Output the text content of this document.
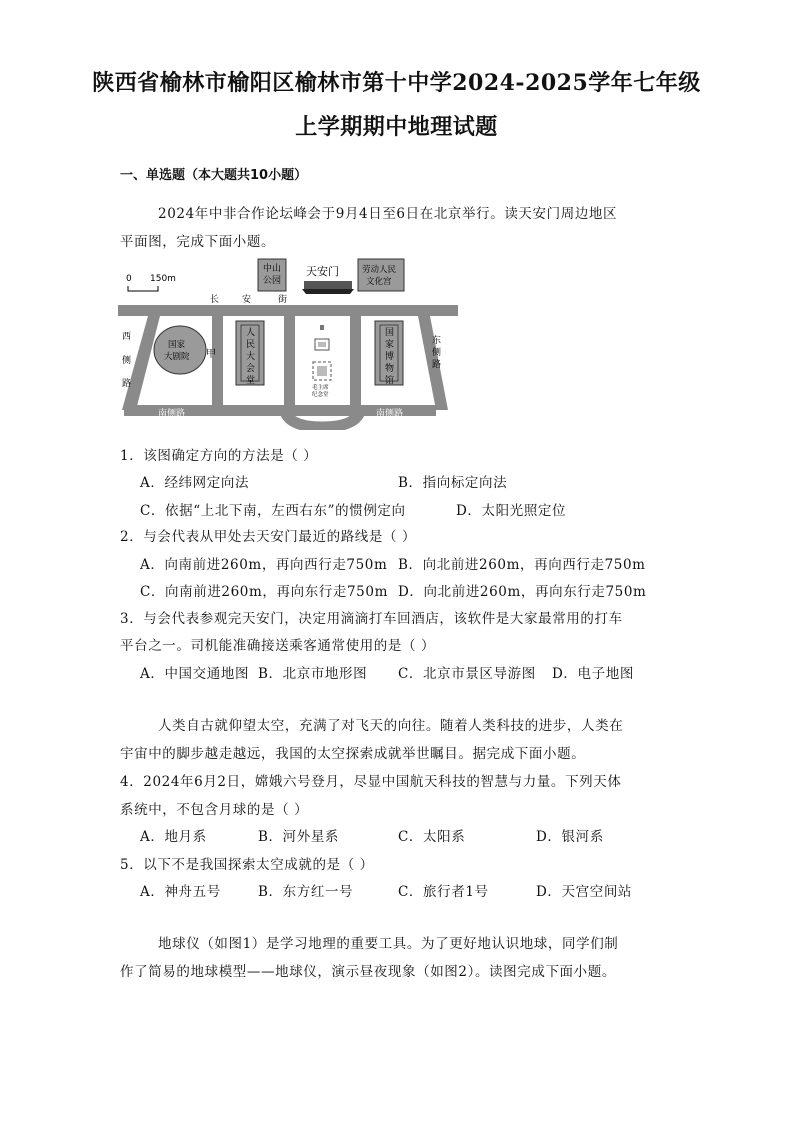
陕西省榆林市榆阳区榆林市第十中学2024-2025学年七年级
上学期期中地理试题
一、单选题（本大题共10小题）
2024年中非合作论坛峰会于9月4日至6日在北京举行。读天安门周边地区
平面图，完成下面小题。
0 150m
中山
公园
天安门	劳动人民
文化宫
长	安	街
西
侧
路
国家
大剧院 甲
人
民
大
会
堂
毛主席
纪念堂
国
家
博
物
馆
东
侧
路
南侧路	南侧路
1．该图确定方向的方法是（ ）
A．经纬网定向法	B．指向标定向法
C．依据“上北下南，左西右东”的惯例定向	D．太阳光照定位
2．与会代表从甲处去天安门最近的路线是（ ）
A．向南前进260m，再向西行走750m B．向北前进260m，再向西行走750m
C．向南前进260m，再向东行走750m D．向北前进260m，再向东行走750m
3．与会代表参观完天安门，决定用滴滴打车回酒店，该软件是大家最常用的打车
平台之一。司机能准确接送乘客通常使用的是（ ）
A．中国交通地图 B．北京市地形图 C．北京市景区导游图 D．电子地图
人类自古就仰望太空，充满了对飞天的向往。随着人类科技的进步，人类在
宇宙中的脚步越走越远，我国的太空探索成就举世瞩目。据完成下面小题。
4．2024年6月2日，嫦娥六号登月，尽显中国航天科技的智慧与力量。下列天体
系统中，不包含月球的是（ ）
A．地月系	B．河外星系	C．太阳系	D．银河系
5．以下不是我国探索太空成就的是（ ）
A．神舟五号	B．东方红一号	C．旅行者1号	D．天宫空间站
地球仪（如图1）是学习地理的重要工具。为了更好地认识地球，同学们制
作了简易的地球模型——地球仪，演示昼夜现象（如图2）。读图完成下面小题。
